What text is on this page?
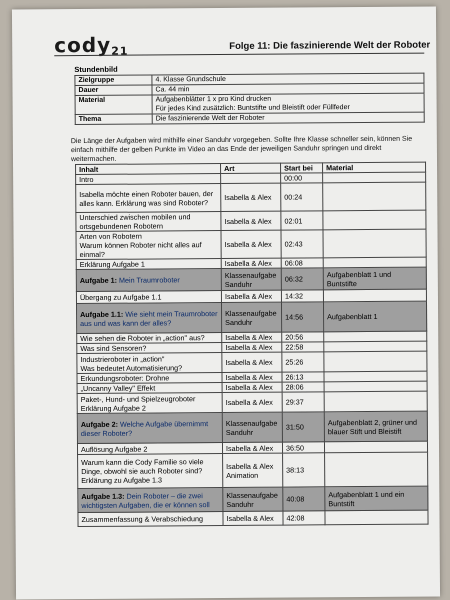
cody$_{21}$	Folge 11: Die faszinierende Welt der Roboter
Stundenbild
Zielgruppe	4. Klasse Grundschule
Dauer	Ca. 44 min
Material	Aufgabenblätter 1 x pro Kind drucken
Für jedes Kind zusätzlich: Buntstifte und Bleistift oder Füllfeder
Thema	Die faszinierende Welt der Roboter
Die Länge der Aufgaben wird mithilfe einer Sanduhr vorgegeben. Sollte Ihre Klasse schneller sein, können Sie einfach mithilfe der gelben Punkte im Video an das Ende der jeweiligen Sanduhr springen und direkt weitermachen.
Inhalt	Art	Start bei	Material
Intro		00:00	
Isabella möchte einen Roboter bauen, der alles kann. Erklärung was sind Roboter?	Isabella & Alex	00:24	
Unterschied zwischen mobilen und ortsgebundenen Robotern	Isabella & Alex	02:01	
Arten von Robotern
Warum können Roboter nicht alles auf einmal?	Isabella & Alex	02:43	
Erklärung Aufgabe 1	Isabella & Alex	06:08	
Aufgabe 1: Mein Traumroboter	Klassenaufgabe Sanduhr	06:32	Aufgabenblatt 1 und Buntstifte
Übergang zu Aufgabe 1.1	Isabella & Alex	14:32	
Aufgabe 1.1: Wie sieht mein Traumroboter aus und was kann der alles?	Klassenaufgabe Sanduhr	14:56	Aufgabenblatt 1
Wie sehen die Roboter in „action" aus?	Isabella & Alex	20:56	
Was sind Sensoren?	Isabella & Alex	22:58	
Industrieroboter in „action"
Was bedeutet Automatisierung?	Isabella & Alex	25:26	
Erkundungsroboter: Drohne	Isabella & Alex	26:13	
„Uncanny Valley" Effekt	Isabella & Alex	28:06	
Paket-, Hund- und Spielzeugroboter
Erklärung Aufgabe 2	Isabella & Alex	29:37	
Aufgabe 2: Welche Aufgabe übernimmt dieser Roboter?	Klassenaufgabe Sanduhr	31:50	Aufgabenblatt 2, grüner und blauer Stift und Bleistift
Auflösung Aufgabe 2	Isabella & Alex	36:50	
Warum kann die Cody Familie so viele Dinge, obwohl sie auch Roboter sind?
Erklärung zu Aufgabe 1.3	Isabella & Alex Animation	38:13	
Aufgabe 1.3: Dein Roboter – die zwei wichtigsten Aufgaben, die er können soll	Klassenaufgabe Sanduhr	40:08	Aufgabenblatt 1 und ein Buntstift
Zusammenfassung & Verabschiedung	Isabella & Alex	42:08	
